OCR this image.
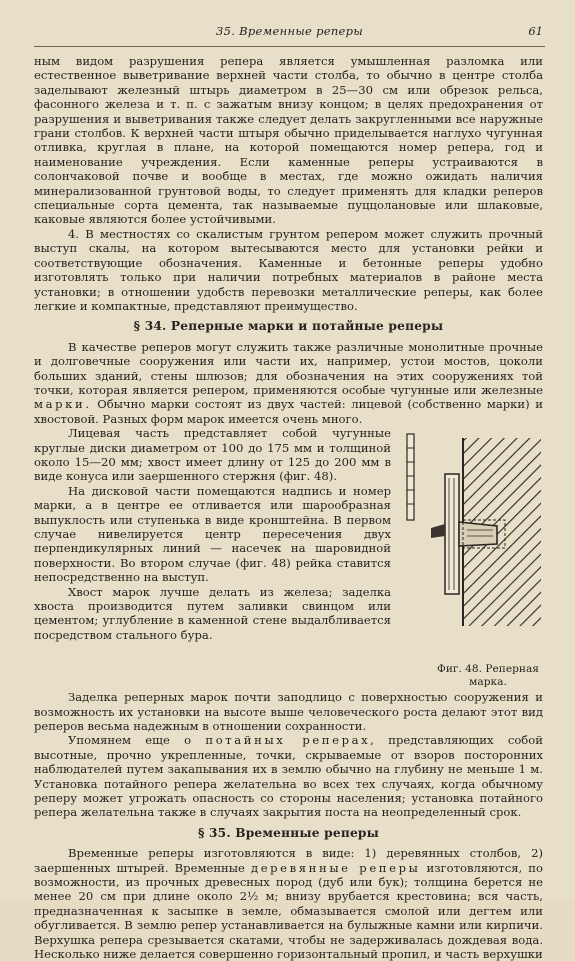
35. Временные реперы	61

ным видом разрушения репера является умышленная разломка или естественное выветривание верхней части столба, то обычно в центре столба заделывают железный штырь диаметром в 25—30 см или обрезок рельса, фасонного железа и т. п. с зажатым внизу концом; в целях предохранения от разрушения и выветривания также следует делать закругленными все наружные грани столбов. К верхней части штыря обычно приделывается наглухо чугунная отливка, круглая в плане, на которой помещаются номер репера, год и наименование учреждения. Если каменные реперы устраиваются в солончаковой почве и вообще в местах, где можно ожидать наличия минерализованной грунтовой воды, то следует применять для кладки реперов специальные сорта цемента, так называемые пуццолановые или шлаковые, каковые являются более устойчивыми.

4. В местностях со скалистым грунтом репером может служить прочный выступ скалы, на котором вытесываются место для установки рейки и соответствующие обозначения. Каменные и бетонные реперы удобно изготовлять только при наличии потребных материалов в районе места установки; в отношении удобств перевозки металлические реперы, как более легкие и компактные, представляют преимущество.

§ 34. Реперные марки и потайные реперы

В качестве реперов могут служить также различные монолитные прочные и долговечные сооружения или части их, например, устои мостов, цоколи больших зданий, стены шлюзов; для обозначения на этих сооружениях той точки, которая является репером, применяются особые чугунные или железные марки. Обычно марки состоят из двух частей: лицевой (собственно марки) и хвостовой. Разных форм марок имеется очень много.

Фиг. 48. Реперная марка.

Лицевая часть представляет собой чугунные круглые диски диаметром от 100 до 175 мм и толщиной около 15—20 мм; хвост имеет длину от 125 до 200 мм в виде конуса или заершенного стержня (фиг. 48).

На дисковой части помещаются надпись и номер марки, а в центре ее отливается или шарообразная выпуклость или ступенька в виде кронштейна. В первом случае нивелируется центр пересечения двух перпендикулярных линий — насечек на шаровидной поверхности. Во втором случае (фиг. 48) рейка ставится непосредственно на выступ.

Хвост марок лучше делать из железа; заделка хвоста производится путем заливки свинцом или цементом; углубление в каменной стене выдалбливается посредством стального бура.

Заделка реперных марок почти заподлицо с поверхностью сооружения и возможность их установки на высоте выше человеческого роста делают этот вид реперов весьма надежным в отношении сохранности.

Упомянем еще о потайных реперах, представляющих собой высотные, прочно укрепленные, точки, скрываемые от взоров посторонних наблюдателей путем закапывания их в землю обычно на глубину не меньше 1 м. Установка потайного репера желательна во всех тех случаях, когда обычному реперу может угрожать опасность со стороны населения; установка потайного репера желательна также в случаях закрытия поста на неопределенный срок.

§ 35. Временные реперы

Временные реперы изготовляются в виде: 1) деревянных столбов, 2) заершенных штырей. Временные деревянные реперы изготовляются, по возможности, из прочных древесных пород (дуб или бук); толщина берется не менее 20 см при длине около 2½ м; внизу врубается крестовина; вся часть, предназначенная к засыпке в земле, обмазывается смолой или дегтем или обугливается. В землю репер устанавливается на булыжные камни или кирпичи. Верхушка репера срезывается скатами, чтобы не задерживалась дождевая вода. Несколько ниже делается совершенно горизонтальный пропил, и часть верхушки
